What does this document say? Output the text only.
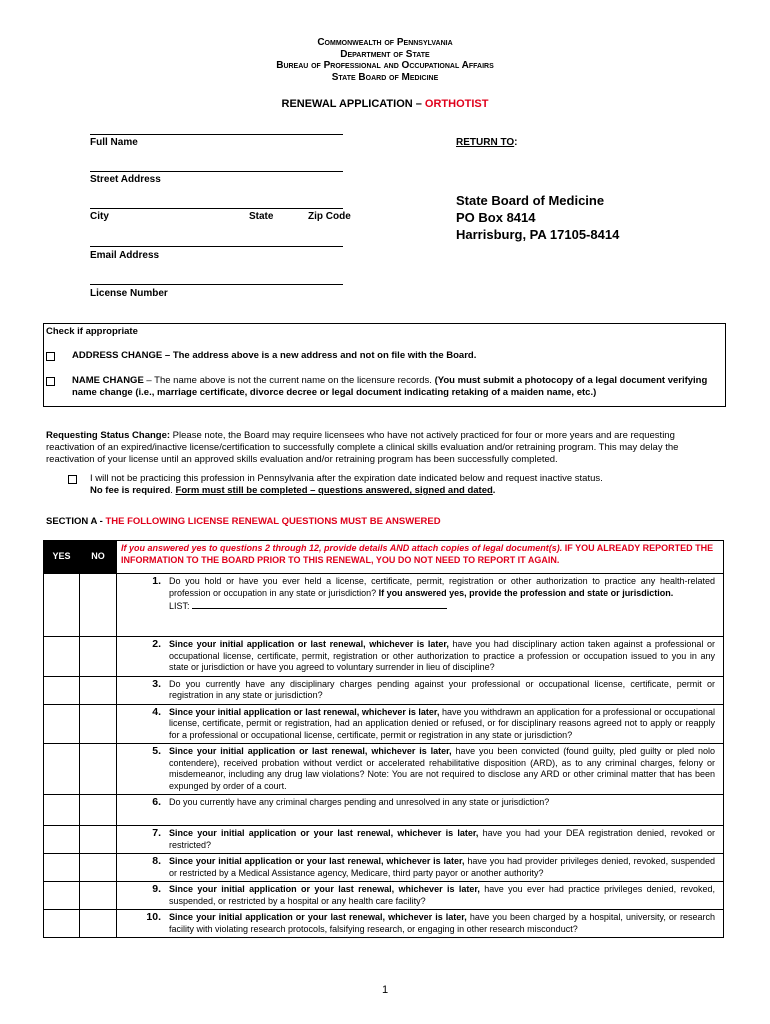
Commonwealth of Pennsylvania
Department of State
Bureau of Professional and Occupational Affairs
State Board of Medicine
RENEWAL APPLICATION – ORTHOTIST
Full Name
Street Address
City	State	Zip Code
Email Address
License Number
RETURN TO:
State Board of Medicine
PO Box 8414
Harrisburg, PA 17105-8414
Check if appropriate
ADDRESS CHANGE – The address above is a new address and not on file with the Board.
NAME CHANGE – The name above is not the current name on the licensure records. (You must submit a photocopy of a legal document verifying name change (i.e., marriage certificate, divorce decree or legal document indicating retaking of a maiden name, etc.)
Requesting Status Change: Please note, the Board may require licensees who have not actively practiced for four or more years and are requesting reactivation of an expired/inactive license/certification to successfully complete a clinical skills evaluation and/or retraining program. This may delay the reactivation of your license until an approved skills evaluation and/or retraining program has been successfully completed.
I will not be practicing this profession in Pennsylvania after the expiration date indicated below and request inactive status.
No fee is required. Form must still be completed – questions answered, signed and dated.
SECTION A - THE FOLLOWING LICENSE RENEWAL QUESTIONS MUST BE ANSWERED
YES	NO	If you answered yes to questions 2 through 12, provide details AND attach copies of legal document(s). IF YOU ALREADY REPORTED THE INFORMATION TO THE BOARD PRIOR TO THIS RENEWAL, YOU DO NOT NEED TO REPORT IT AGAIN.

		1. Do you hold or have you ever held a license, certificate, permit, registration or other authorization to practice any health-related profession or occupation in any state or jurisdiction? If you answered yes, provide the profession and state or jurisdiction.
LIST:

		2. Since your initial application or last renewal, whichever is later, have you had disciplinary action taken against a professional or occupational license, certificate, permit, registration or other authorization to practice a profession or occupation issued to you in any state or jurisdiction or have you agreed to voluntary surrender in lieu of discipline?

		3. Do you currently have any disciplinary charges pending against your professional or occupational license, certificate, permit or registration in any state or jurisdiction?

		4. Since your initial application or last renewal, whichever is later, have you withdrawn an application for a professional or occupational license, certificate, permit or registration, had an application denied or refused, or for disciplinary reasons agreed not to apply or reapply for a professional or occupational license, certificate, permit or registration in any state or jurisdiction?

		5. Since your initial application or last renewal, whichever is later, have you been convicted (found guilty, pled guilty or pled nolo contendere), received probation without verdict or accelerated rehabilitative disposition (ARD), as to any criminal charges, felony or misdemeanor, including any drug law violations? Note: You are not required to disclose any ARD or other criminal matter that has been expunged by order of a court.

		6. Do you currently have any criminal charges pending and unresolved in any state or jurisdiction?

		7. Since your initial application or your last renewal, whichever is later, have you had your DEA registration denied, revoked or restricted?

		8. Since your initial application or your last renewal, whichever is later, have you had provider privileges denied, revoked, suspended or restricted by a Medical Assistance agency, Medicare, third party payor or another authority?

		9. Since your initial application or your last renewal, whichever is later, have you ever had practice privileges denied, revoked, suspended, or restricted by a hospital or any health care facility?

		10. Since your initial application or your last renewal, whichever is later, have you been charged by a hospital, university, or research facility with violating research protocols, falsifying research, or engaging in other research misconduct?
1
